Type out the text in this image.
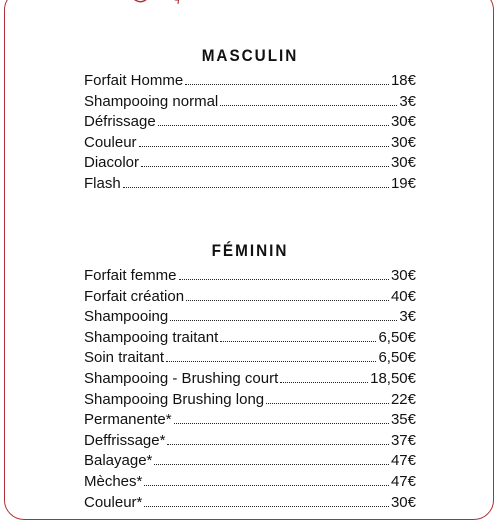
MASCULIN
Forfait Homme	18€
Shampooing normal	3€
Défrissage	30€
Couleur	30€
Diacolor	30€
Flash	19€
FÉMININ
Forfait femme	30€
Forfait création	40€
Shampooing	3€
Shampooing traitant	6,50€
Soin traitant	6,50€
Shampooing - Brushing court	18,50€
Shampooing Brushing long	22€
Permanente*	35€
Deffrissage*	37€
Balayage*	47€
Mèches*	47€
Couleur*	30€
